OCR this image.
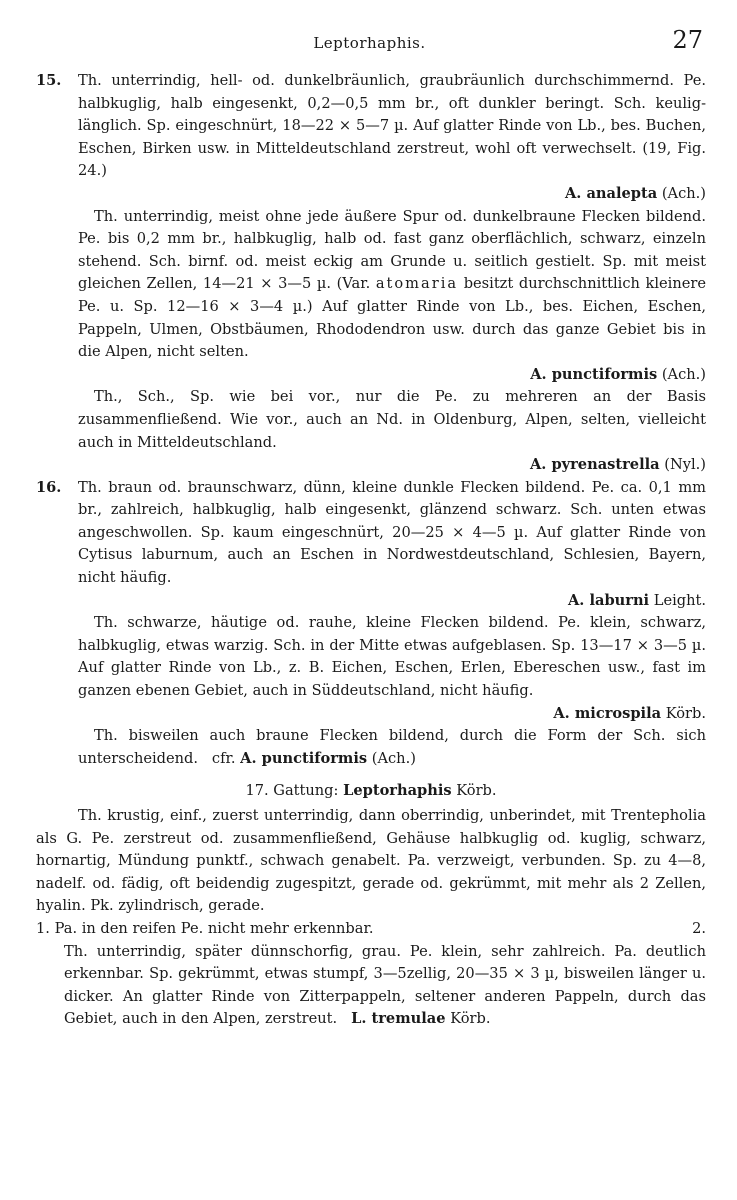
Leptorhaphis.	27

15. Th. unterrindig, hell- od. dunkelbräunlich, graubräunlich durchschimmernd. Pe. halbkuglig, halb eingesenkt, 0,2—0,5 mm br., oft dunkler beringt. Sch. keulig-länglich. Sp. eingeschnürt, 18—22 × 5—7 µ. Auf glatter Rinde von Lb., bes. Buchen, Eschen, Birken usw. in Mitteldeutschland zerstreut, wohl oft verwechselt. (19, Fig. 24.)

A. analepta (Ach.)

Th. unterrindig, meist ohne jede äußere Spur od. dunkelbraune Flecken bildend. Pe. bis 0,2 mm br., halbkuglig, halb od. fast ganz oberflächlich, schwarz, einzeln stehend. Sch. birnf. od. meist eckig am Grunde u. seitlich gestielt. Sp. mit meist gleichen Zellen, 14—21 × 3—5 µ. (Var. atomaria besitzt durchschnittlich kleinere Pe. u. Sp. 12—16 × 3—4 µ.) Auf glatter Rinde von Lb., bes. Eichen, Eschen, Pappeln, Ulmen, Obstbäumen, Rhododendron usw. durch das ganze Gebiet bis in die Alpen, nicht selten.

A. punctiformis (Ach.)

Th., Sch., Sp. wie bei vor., nur die Pe. zu mehreren an der Basis zusammenfließend. Wie vor., auch an Nd. in Oldenburg, Alpen, selten, vielleicht auch in Mitteldeutschland.

A. pyrenastrella (Nyl.)

16. Th. braun od. braunschwarz, dünn, kleine dunkle Flecken bildend. Pe. ca. 0,1 mm br., zahlreich, halbkuglig, halb eingesenkt, glänzend schwarz. Sch. unten etwas angeschwollen. Sp. kaum eingeschnürt, 20—25 × 4—5 µ. Auf glatter Rinde von Cytisus laburnum, auch an Eschen in Nordwestdeutschland, Schlesien, Bayern, nicht häufig.

A. laburni Leight.

Th. schwarze, häutige od. rauhe, kleine Flecken bildend. Pe. klein, schwarz, halbkuglig, etwas warzig. Sch. in der Mitte etwas aufgeblasen. Sp. 13—17 × 3—5 µ. Auf glatter Rinde von Lb., z. B. Eichen, Eschen, Erlen, Ebereschen usw., fast im ganzen ebenen Gebiet, auch in Süddeutschland, nicht häufig.

A. microspila Körb.

Th. bisweilen auch braune Flecken bildend, durch die Form der Sch. sich unterscheidend. cfr. A. punctiformis (Ach.)

17. Gattung: Leptorhaphis Körb.

Th. krustig, einf., zuerst unterrindig, dann oberrindig, unberindet, mit Trentepholia als G. Pe. zerstreut od. zusammenfließend, Gehäuse halbkuglig od. kuglig, schwarz, hornartig, Mündung punktf., schwach genabelt. Pa. verzweigt, verbunden. Sp. zu 4—8, nadelf. od. fädig, oft beidendig zugespitzt, gerade od. gekrümmt, mit mehr als 2 Zellen, hyalin. Pk. zylindrisch, gerade.

1. Pa. in den reifen Pe. nicht mehr erkennbar.	2.

Th. unterrindig, später dünnschorfig, grau. Pe. klein, sehr zahlreich. Pa. deutlich erkennbar. Sp. gekrümmt, etwas stumpf, 3—5zellig, 20—35 × 3 µ, bisweilen länger u. dicker. An glatter Rinde von Zitterpappeln, seltener anderen Pappeln, durch das Gebiet, auch in den Alpen, zerstreut. L. tremulae Körb.
